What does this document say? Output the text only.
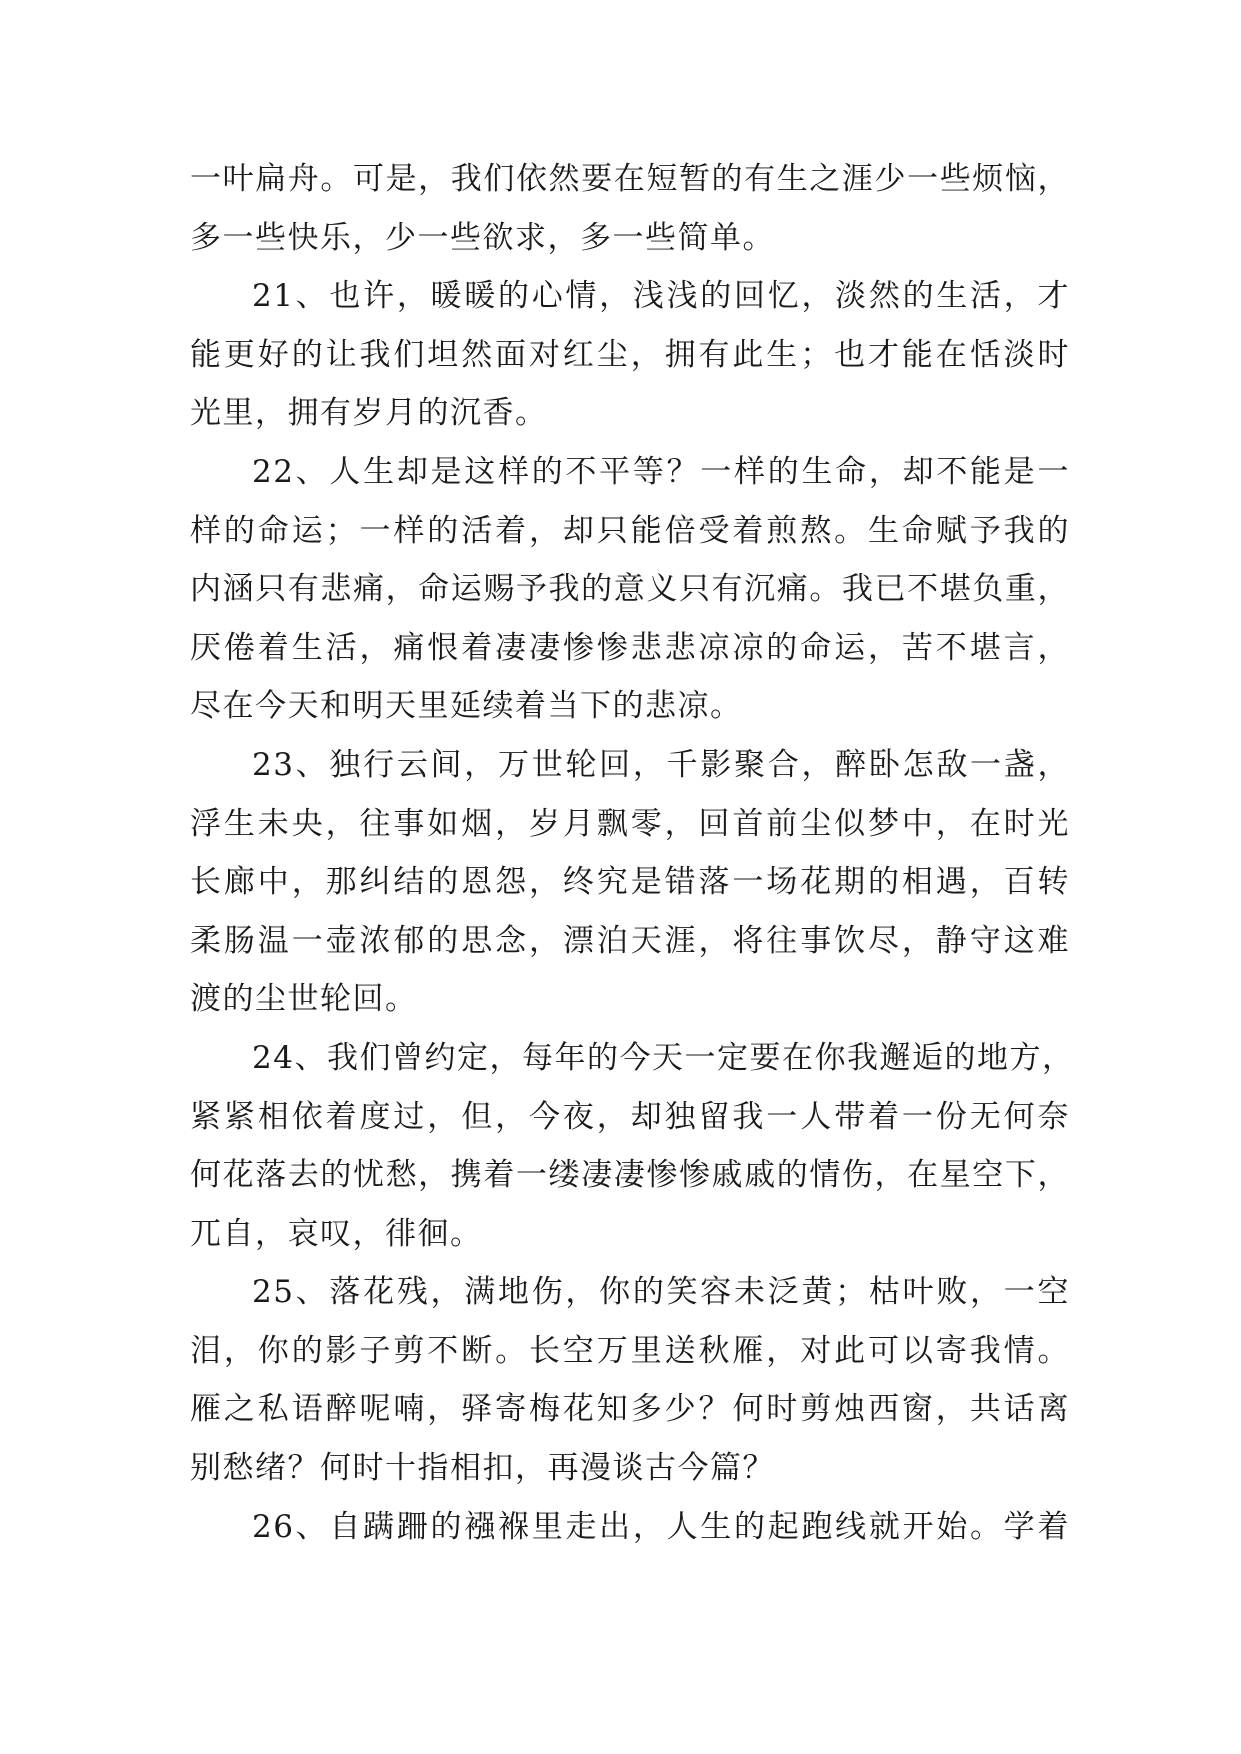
一叶扁舟。可是，我们依然要在短暂的有生之涯少一些烦恼，
多一些快乐，少一些欲求，多一些简单。
21、也许，暖暖的心情，浅浅的回忆，淡然的生活，才
能更好的让我们坦然面对红尘，拥有此生；也才能在恬淡时
光里，拥有岁月的沉香。
22、人生却是这样的不平等？一样的生命，却不能是一
样的命运；一样的活着，却只能倍受着煎熬。生命赋予我的
内涵只有悲痛，命运赐予我的意义只有沉痛。我已不堪负重，
厌倦着生活，痛恨着凄凄惨惨悲悲凉凉的命运，苦不堪言，
尽在今天和明天里延续着当下的悲凉。
23、独行云间，万世轮回，千影聚合，醉卧怎敌一盏，
浮生未央，往事如烟，岁月飘零，回首前尘似梦中，在时光
长廊中，那纠结的恩怨，终究是错落一场花期的相遇，百转
柔肠温一壶浓郁的思念，漂泊天涯，将往事饮尽，静守这难
渡的尘世轮回。
24、我们曾约定，每年的今天一定要在你我邂逅的地方，
紧紧相依着度过，但，今夜，却独留我一人带着一份无何奈
何花落去的忧愁，携着一缕凄凄惨惨戚戚的情伤，在星空下，
兀自，哀叹，徘徊。
25、落花残，满地伤，你的笑容未泛黄；枯叶败，一空
泪，你的影子剪不断。长空万里送秋雁，对此可以寄我情。
雁之私语醉呢喃，驿寄梅花知多少？何时剪烛西窗，共话离
别愁绪？何时十指相扣，再漫谈古今篇？
26、自蹒跚的襁褓里走出，人生的起跑线就开始。学着
